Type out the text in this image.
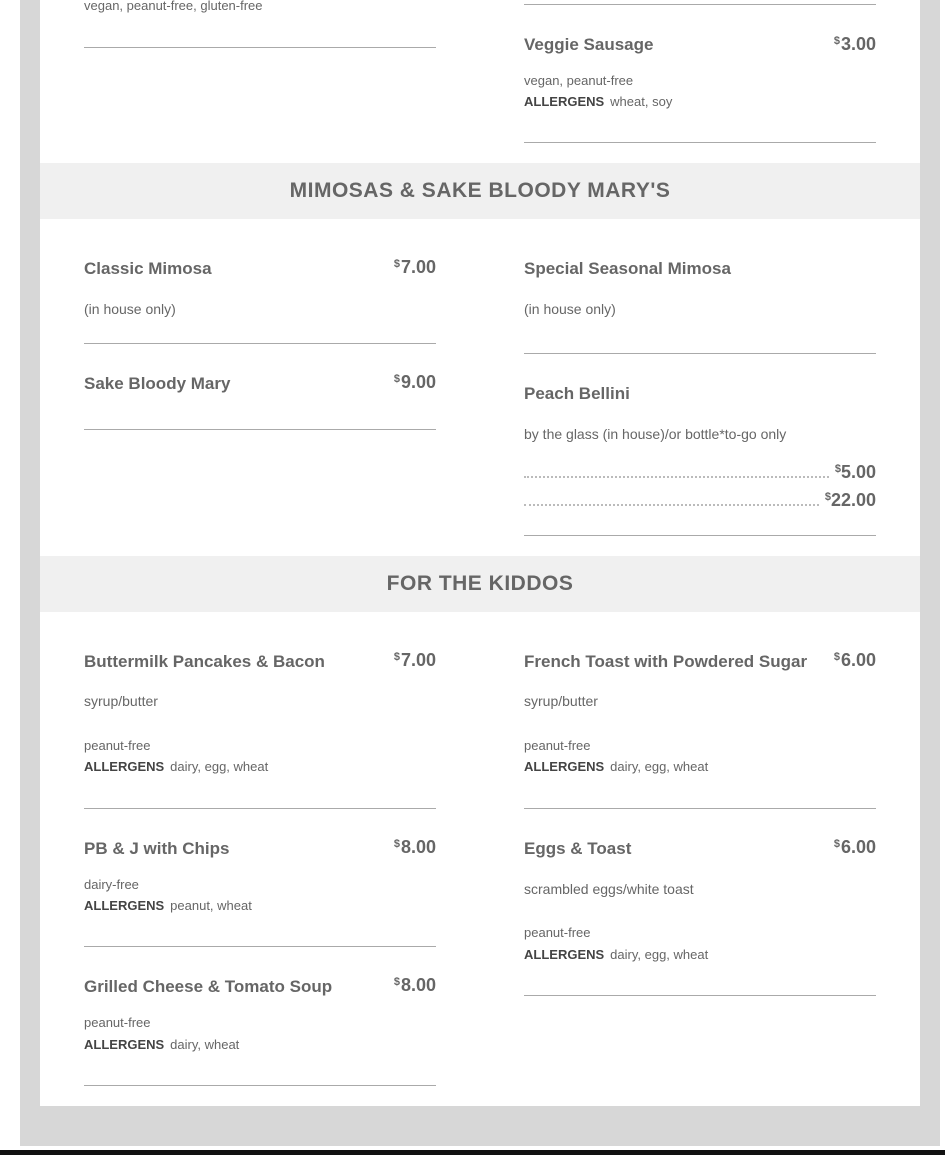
vegan, peanut-free, gluten-free
Veggie Sausage	$3.00
vegan, peanut-free
ALLERGENS wheat, soy
MIMOSAS & SAKE BLOODY MARY'S
Classic Mimosa	$7.00
(in house only)
Special Seasonal Mimosa
(in house only)
Sake Bloody Mary	$9.00
Peach Bellini
by the glass (in house)/or bottle*to-go only
$5.00
$22.00
FOR THE KIDDOS
Buttermilk Pancakes & Bacon	$7.00
syrup/butter
peanut-free
ALLERGENS dairy, egg, wheat
French Toast with Powdered Sugar $6.00
syrup/butter
peanut-free
ALLERGENS dairy, egg, wheat
PB & J with Chips	$8.00
dairy-free
ALLERGENS peanut, wheat
Eggs & Toast	$6.00
scrambled eggs/white toast
peanut-free
ALLERGENS dairy, egg, wheat
Grilled Cheese & Tomato Soup	$8.00
peanut-free
ALLERGENS dairy, wheat
